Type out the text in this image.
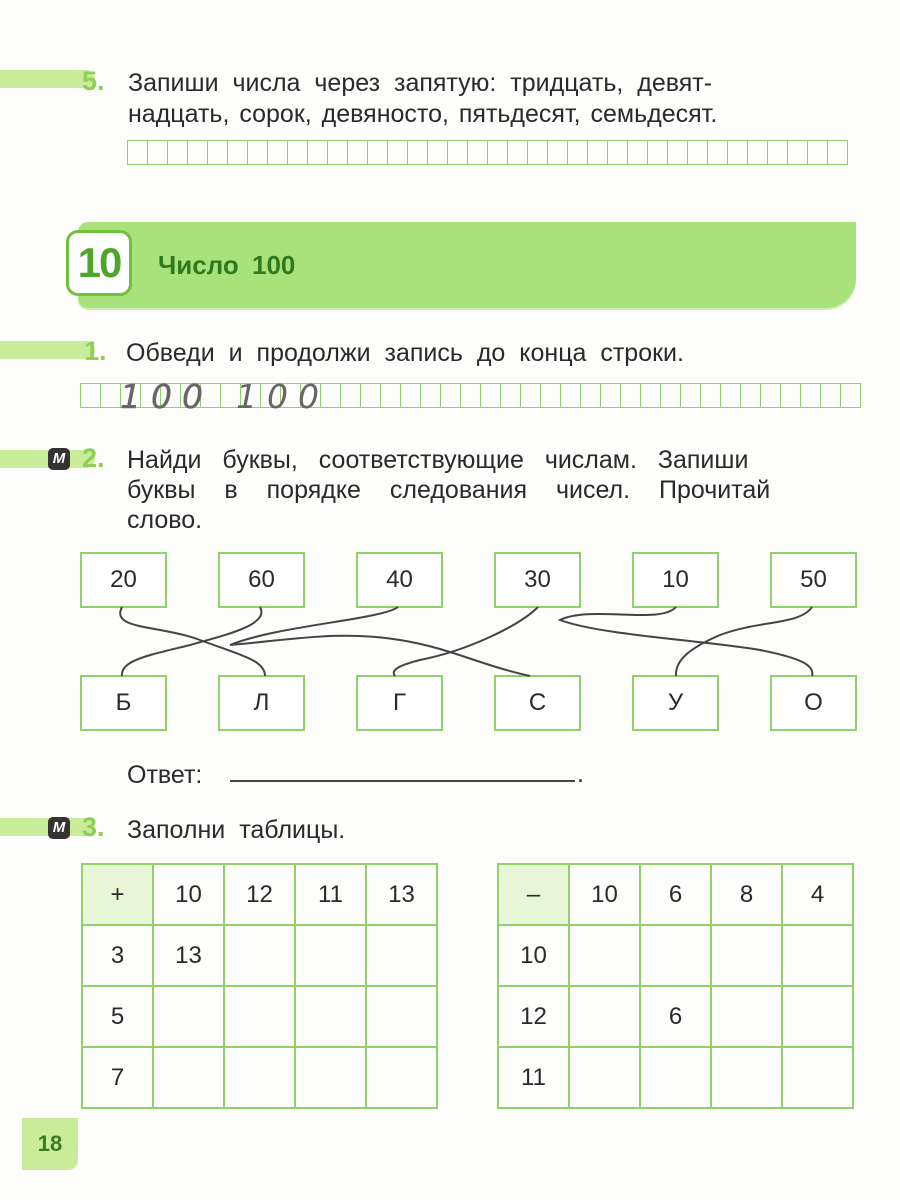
5. Запиши числа через запятую: тридцать, девят-
надцать, сорок, девяносто, пятьдесят, семьдесят.
10 Число 100
1. Обведи и продолжи запись до конца строки.
100 100
М 2. Найди буквы, соответствующие числам. Запиши
буквы в порядке следования чисел. Прочитай
слово.
20	60	40	30	10	50
Б	Л	Г	С	У	О
Ответ:	.
М 3. Заполни таблицы.
+	10	12	11	13
3	13			
5				
7				
–	10	6	8	4
10				
12		6		
11				
18
